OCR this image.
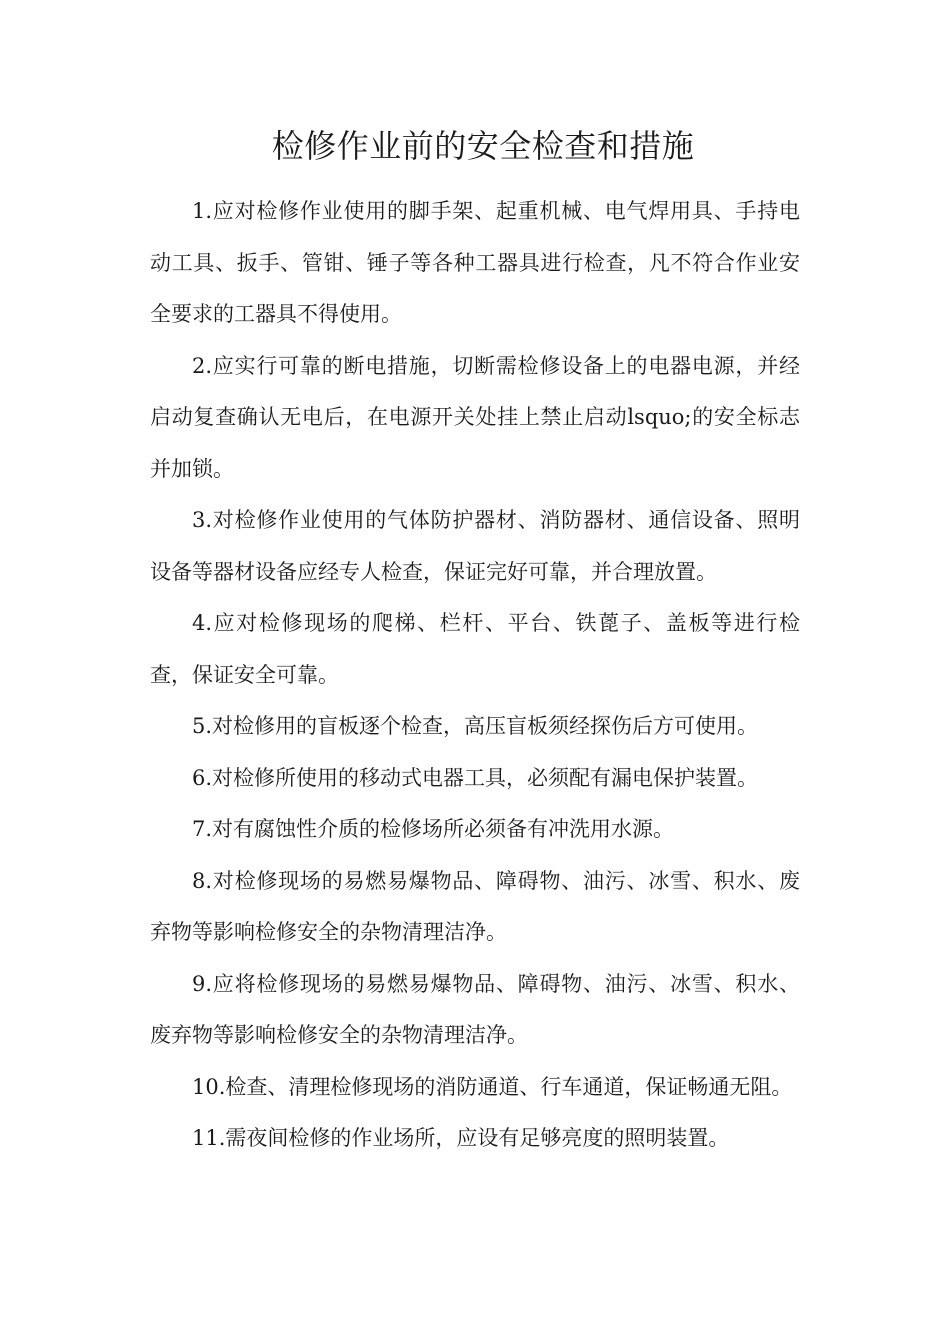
检修作业前的安全检查和措施

1.应对检修作业使用的脚手架、起重机械、电气焊用具、手持电动工具、扳手、管钳、锤子等各种工器具进行检查，凡不符合作业安全要求的工器具不得使用。

2.应实行可靠的断电措施，切断需检修设备上的电器电源，并经启动复查确认无电后，在电源开关处挂上禁止启动lsquo;的安全标志并加锁。

3.对检修作业使用的气体防护器材、消防器材、通信设备、照明设备等器材设备应经专人检查，保证完好可靠，并合理放置。

4.应对检修现场的爬梯、栏杆、平台、铁蓖子、盖板等进行检查，保证安全可靠。

5.对检修用的盲板逐个检查，高压盲板须经探伤后方可使用。

6.对检修所使用的移动式电器工具，必须配有漏电保护装置。

7.对有腐蚀性介质的检修场所必须备有冲洗用水源。

8.对检修现场的易燃易爆物品、障碍物、油污、冰雪、积水、废弃物等影响检修安全的杂物清理洁净。

9.应将检修现场的易燃易爆物品、障碍物、油污、冰雪、积水、废弃物等影响检修安全的杂物清理洁净。

10.检查、清理检修现场的消防通道、行车通道，保证畅通无阻。

11.需夜间检修的作业场所，应设有足够亮度的照明装置。
